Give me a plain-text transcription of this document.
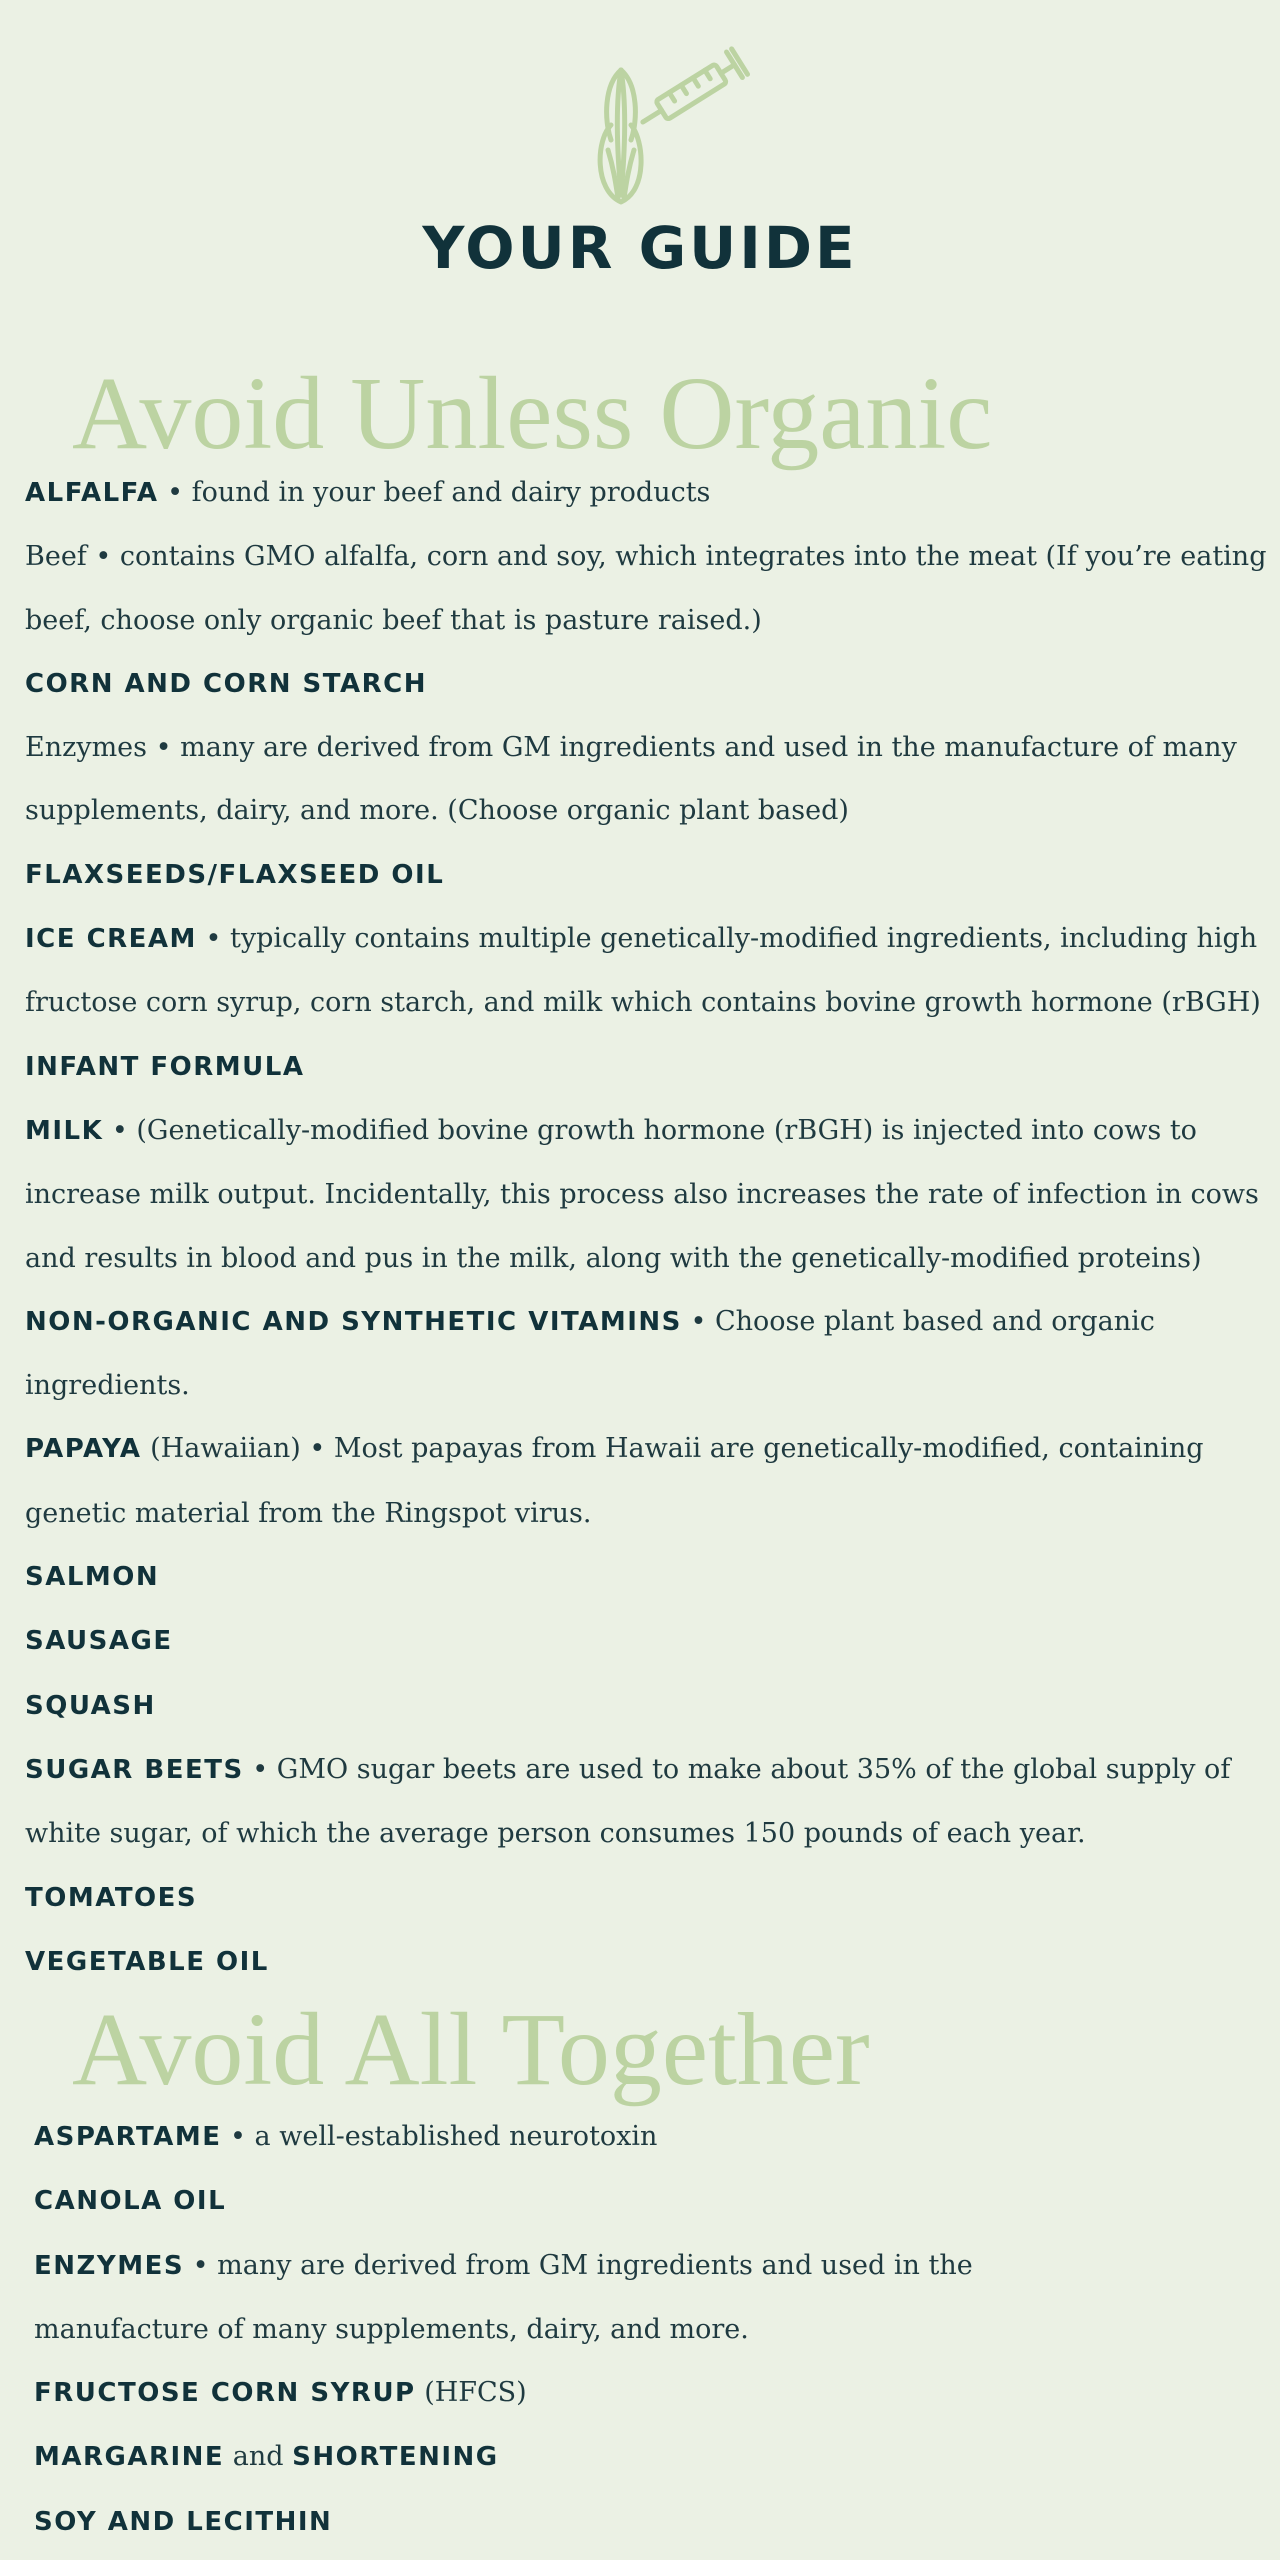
YOUR GUIDE
Avoid Unless Organic

ALFALFA • found in your beef and dairy products

Beef • contains GMO alfalfa, corn and soy, which integrates into the meat (If you’re eating beef, choose only organic beef that is pasture raised.)

CORN AND CORN STARCH

Enzymes • many are derived from GM ingredients and used in the manufacture of many supplements, dairy, and more. (Choose organic plant based)

FLAXSEEDS/FLAXSEED OIL

ICE CREAM • typically contains multiple genetically-modified ingredients, including high fructose corn syrup, corn starch, and milk which contains bovine growth hormone (rBGH)

INFANT FORMULA

MILK • (Genetically-modified bovine growth hormone (rBGH) is injected into cows to increase milk output. Incidentally, this process also increases the rate of infection in cows and results in blood and pus in the milk, along with the genetically-modified proteins)

NON-ORGANIC AND SYNTHETIC VITAMINS • Choose plant based and organic ingredients.

PAPAYA (Hawaiian) • Most papayas from Hawaii are genetically-modified, containing genetic material from the Ringspot virus.

SALMON

SAUSAGE

SQUASH

SUGAR BEETS • GMO sugar beets are used to make about 35% of the global supply of white sugar, of which the average person consumes 150 pounds of each year.

TOMATOES

VEGETABLE OIL

Avoid All Together

ASPARTAME • a well-established neurotoxin

CANOLA OIL

ENZYMES • many are derived from GM ingredients and used in the manufacture of many supplements, dairy, and more.

FRUCTOSE CORN SYRUP (HFCS)

MARGARINE and SHORTENING

SOY AND LECITHIN
